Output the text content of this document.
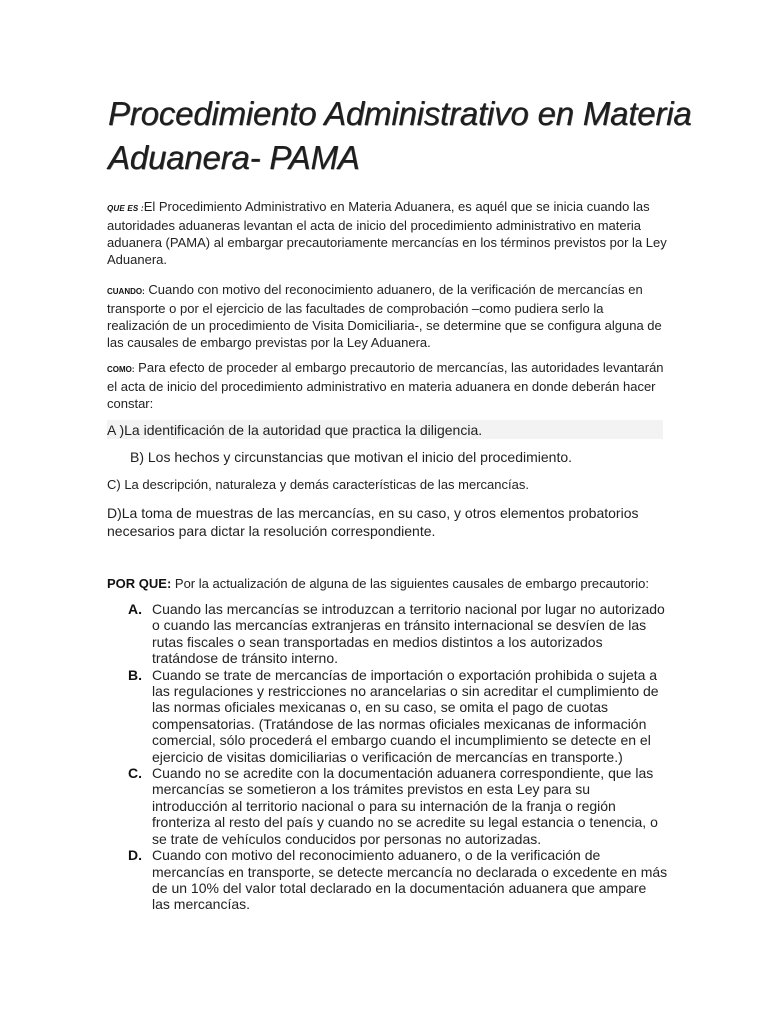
Procedimiento Administrativo en Materia Aduanera- PAMA

QUE ES :El Procedimiento Administrativo en Materia Aduanera, es aquél que se inicia cuando las autoridades aduaneras levantan el acta de inicio del procedimiento administrativo en materia aduanera (PAMA) al embargar precautoriamente mercancías en los términos previstos por la Ley Aduanera.

CUANDO: Cuando con motivo del reconocimiento aduanero, de la verificación de mercancías en transporte o por el ejercicio de las facultades de comprobación –como pudiera serlo la realización de un procedimiento de Visita Domiciliaria-, se determine que se configura alguna de las causales de embargo previstas por la Ley Aduanera.

COMO: Para efecto de proceder al embargo precautorio de mercancías, las autoridades levantarán el acta de inicio del procedimiento administrativo en materia aduanera en donde deberán hacer constar:

A )La identificación de la autoridad que practica la diligencia.

B) Los hechos y circunstancias que motivan el inicio del procedimiento.

C) La descripción, naturaleza y demás características de las mercancías.

D)La toma de muestras de las mercancías, en su caso, y otros elementos probatorios necesarios para dictar la resolución correspondiente.

POR QUE: Por la actualización de alguna de las siguientes causales de embargo precautorio:

A. Cuando las mercancías se introduzcan a territorio nacional por lugar no autorizado o cuando las mercancías extranjeras en tránsito internacional se desvíen de las rutas fiscales o sean transportadas en medios distintos a los autorizados tratándose de tránsito interno.
B. Cuando se trate de mercancías de importación o exportación prohibida o sujeta a las regulaciones y restricciones no arancelarias o sin acreditar el cumplimiento de las normas oficiales mexicanas o, en su caso, se omita el pago de cuotas compensatorias. (Tratándose de las normas oficiales mexicanas de información comercial, sólo procederá el embargo cuando el incumplimiento se detecte en el ejercicio de visitas domiciliarias o verificación de mercancías en transporte.)
C. Cuando no se acredite con la documentación aduanera correspondiente, que las mercancías se sometieron a los trámites previstos en esta Ley para su introducción al territorio nacional o para su internación de la franja o región fronteriza al resto del país y cuando no se acredite su legal estancia o tenencia, o se trate de vehículos conducidos por personas no autorizadas.
D. Cuando con motivo del reconocimiento aduanero, o de la verificación de mercancías en transporte, se detecte mercancía no declarada o excedente en más de un 10% del valor total declarado en la documentación aduanera que ampare las mercancías.
